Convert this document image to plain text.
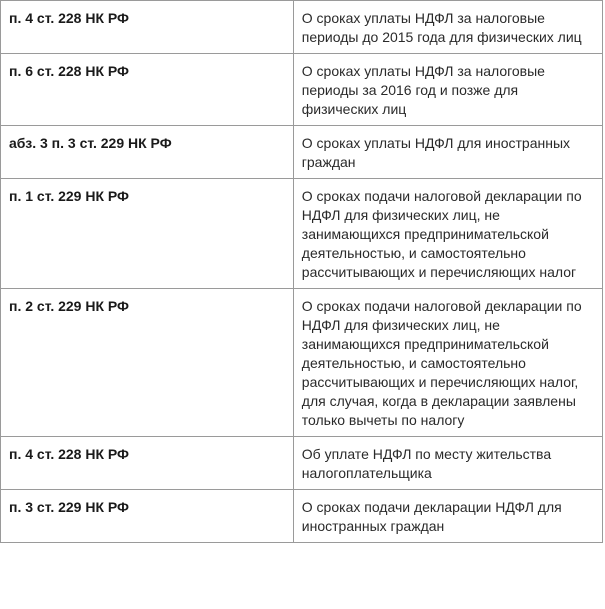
п. 4 ст. 228 НК РФ	О сроках уплаты НДФЛ за налоговые периоды до 2015 года для физических лиц
п. 6 ст. 228 НК РФ	О сроках уплаты НДФЛ за налоговые периоды за 2016 год и позже для физических лиц
абз. 3 п. 3 ст. 229 НК РФ	О сроках уплаты НДФЛ для иностранных граждан
п. 1 ст. 229 НК РФ	О сроках подачи налоговой декларации по НДФЛ для физических лиц, не занимающихся предпринимательской деятельностью, и самостоятельно рассчитывающих и перечисляющих налог
п. 2 ст. 229 НК РФ	О сроках подачи налоговой декларации по НДФЛ для физических лиц, не занимающихся предпринимательской деятельностью, и самостоятельно рассчитывающих и перечисляющих налог, для случая, когда в декларации заявлены только вычеты по налогу
п. 4 ст. 228 НК РФ	Об уплате НДФЛ по месту жительства налогоплательщика
п. 3 ст. 229 НК РФ	О сроках подачи декларации НДФЛ для иностранных граждан
